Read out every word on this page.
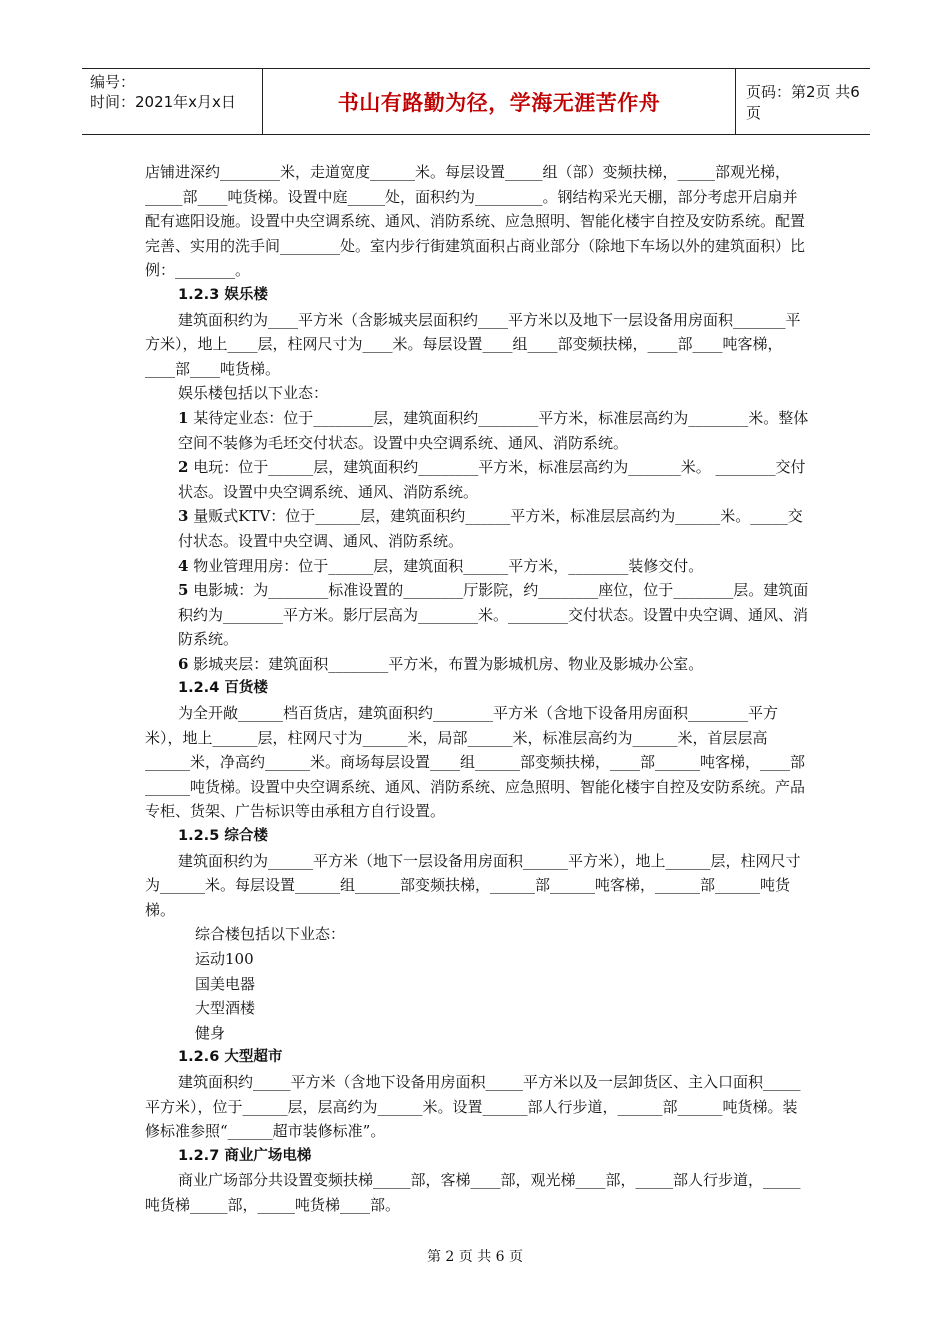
编号：
时间：2021年x月x日	书山有路勤为径，学海无涯苦作舟	页码：第2页 共6页

店铺进深约________米，走道宽度______米。每层设置_____组（部）变频扶梯，_____部观光梯，_____部____吨货梯。设置中庭_____处，面积约为_________。钢结构采光天棚，部分考虑开启扇并配有遮阳设施。设置中央空调系统、通风、消防系统、应急照明、智能化楼宇自控及安防系统。配置完善、实用的洗手间________处。室内步行街建筑面积占商业部分（除地下车场以外的建筑面积）比例：________。

1.2.3 娱乐楼

建筑面积约为____平方米（含影城夹层面积约____平方米以及地下一层设备用房面积_______平方米），地上____层，柱网尺寸为____米。每层设置____组____部变频扶梯，____部____吨客梯，____部____吨货梯。

娱乐楼包括以下业态：

1 某待定业态：位于________层，建筑面积约________平方米，标准层高约为________米。整体空间不装修为毛坯交付状态。设置中央空调系统、通风、消防系统。

2 电玩：位于______层，建筑面积约________平方米，标准层高约为_______米。 ________交付状态。设置中央空调系统、通风、消防系统。

3 量贩式KTV：位于______层，建筑面积约______平方米，标准层层高约为______米。_____交付状态。设置中央空调、通风、消防系统。

4 物业管理用房：位于______层，建筑面积______平方米，________装修交付。

5 电影城：为________标准设置的________厅影院，约________座位，位于________层。建筑面积约为________平方米。影厅层高为________米。________交付状态。设置中央空调、通风、消防系统。

6 影城夹层：建筑面积________平方米，布置为影城机房、物业及影城办公室。

1.2.4 百货楼

为全开敞______档百货店，建筑面积约________平方米（含地下设备用房面积________平方米），地上______层，柱网尺寸为______米，局部______米，标准层高约为______米，首层层高______米，净高约______米。商场每层设置____组______部变频扶梯，____部______吨客梯，____部______吨货梯。设置中央空调系统、通风、消防系统、应急照明、智能化楼宇自控及安防系统。产品专柜、货架、广告标识等由承租方自行设置。

1.2.5 综合楼

建筑面积约为______平方米（地下一层设备用房面积______平方米），地上______层，柱网尺寸为______米。每层设置______组______部变频扶梯，______部______吨客梯，______部______吨货梯。

综合楼包括以下业态：

运动100

国美电器

大型酒楼

健身

1.2.6 大型超市

建筑面积约_____平方米（含地下设备用房面积_____平方米以及一层卸货区、主入口面积_____平方米），位于______层，层高约为______米。设置______部人行步道，______部______吨货梯。装修标准参照“______超市装修标准”。

1.2.7 商业广场电梯

商业广场部分共设置变频扶梯_____部，客梯____部，观光梯____部，_____部人行步道，_____吨货梯_____部，_____吨货梯____部。

第 2 页 共 6 页
